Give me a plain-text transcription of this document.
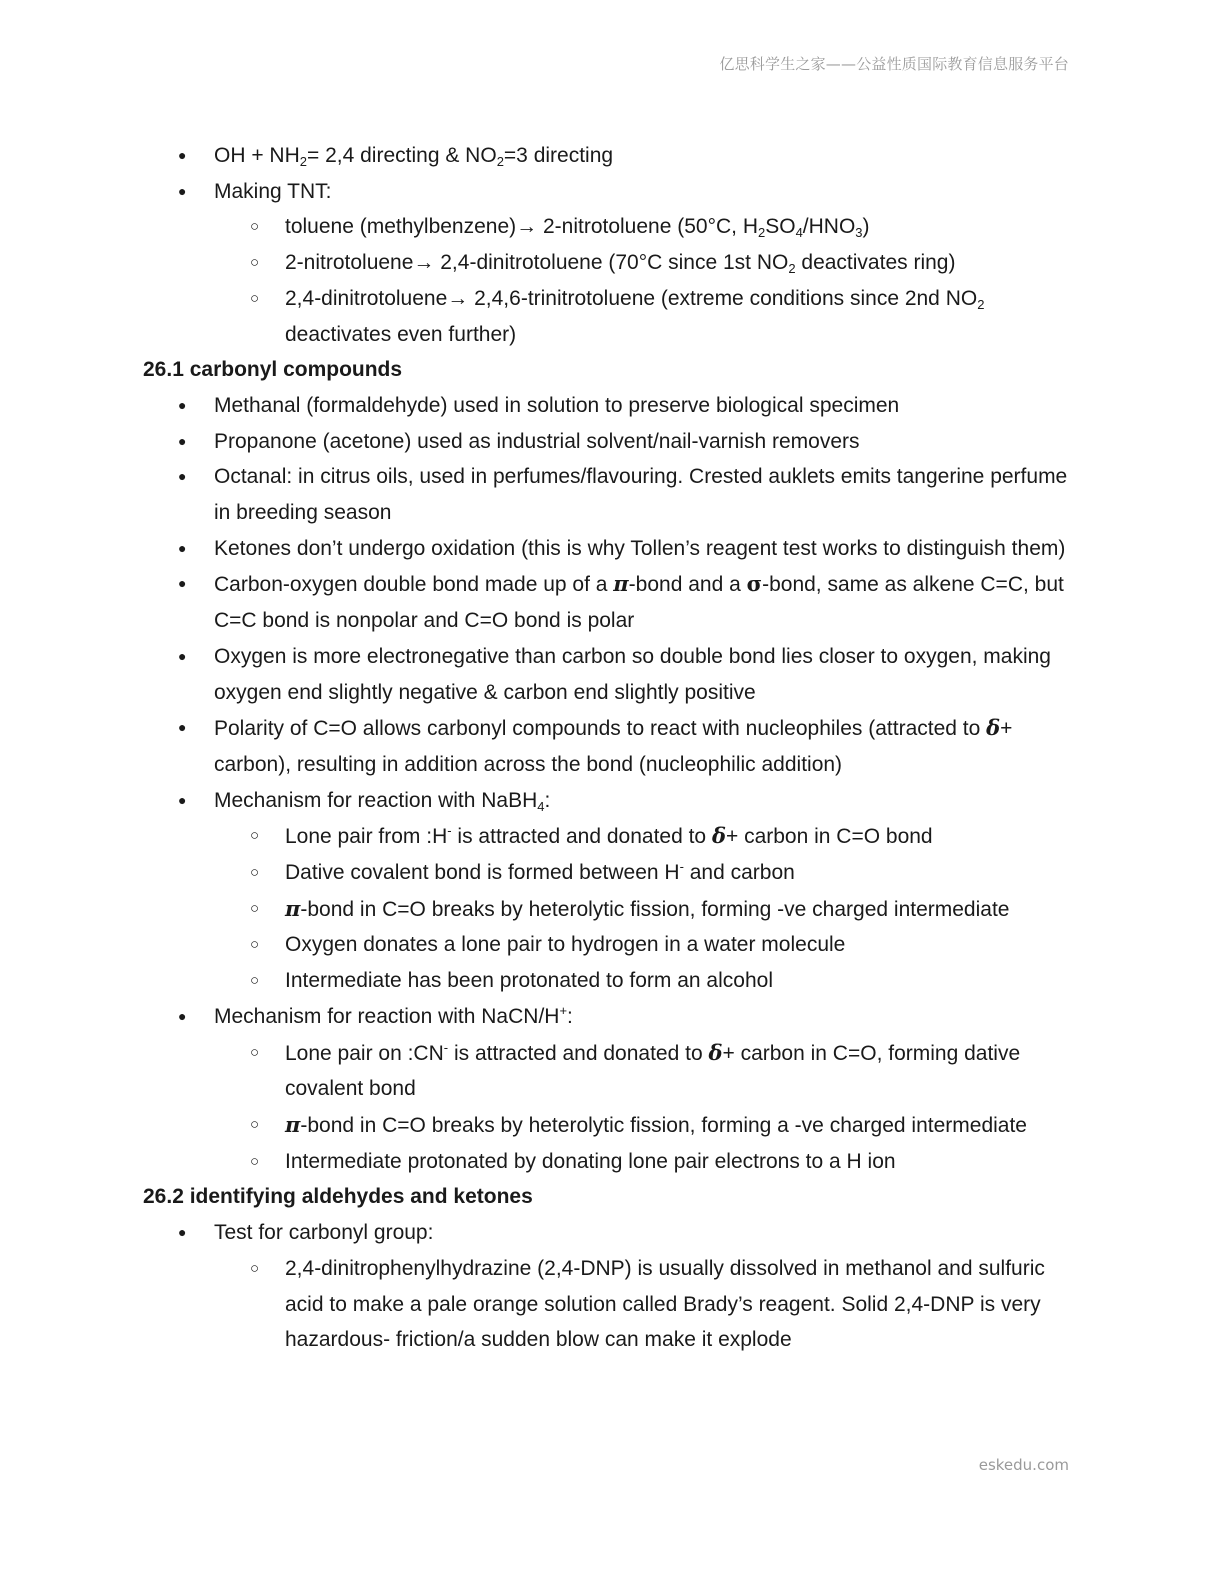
亿思科学生之家——公益性质国际教育信息服务平台
● OH + $NH_2= 2,4$ directing & $NO_2=3$ directing
● Making TNT:
○ toluene (methylbenzene)→ 2-nitrotoluene (50°C, $H_2SO_4/HNO_3$)
○ 2-nitrotoluene→ 2,4-dinitrotoluene (70°C since 1st $NO_2$ deactivates ring)
○ 2,4-dinitrotoluene→ 2,4,6-trinitrotoluene (extreme conditions since 2nd $NO_2$ deactivates even further)

26.1 carbonyl compounds

● Methanal (formaldehyde) used in solution to preserve biological specimen
● Propanone (acetone) used as industrial solvent/nail-varnish removers
● Octanal: in citrus oils, used in perfumes/flavouring. Crested auklets emits tangerine perfume in breeding season
● Ketones don’t undergo oxidation (this is why Tollen’s reagent test works to distinguish them)
● Carbon-oxygen double bond made up of a π-bond and a σ-bond, same as alkene C=C, but C=C bond is nonpolar and C=O bond is polar
● Oxygen is more electronegative than carbon so double bond lies closer to oxygen, making oxygen end slightly negative & carbon end slightly positive
● Polarity of C=O allows carbonyl compounds to react with nucleophiles (attracted to δ+ carbon), resulting in addition across the bond (nucleophilic addition)
● Mechanism for reaction with NaBH$_4$:
○ Lone pair from :H- is attracted and donated to δ+ carbon in C=O bond
○ Dative covalent bond is formed between H- and carbon
○ π-bond in C=O breaks by heterolytic fission, forming -ve charged intermediate
○ Oxygen donates a lone pair to hydrogen in a water molecule
○ Intermediate has been protonated to form an alcohol
● Mechanism for reaction with NaCN/H+:
○ Lone pair on :CN- is attracted and donated to δ+ carbon in C=O, forming dative covalent bond
○ π-bond in C=O breaks by heterolytic fission, forming a -ve charged intermediate
○ Intermediate protonated by donating lone pair electrons to a H ion

26.2 identifying aldehydes and ketones

● Test for carbonyl group:
○ 2,4-dinitrophenylhydrazine (2,4-DNP) is usually dissolved in methanol and sulfuric acid to make a pale orange solution called Brady’s reagent. Solid 2,4-DNP is very hazardous- friction/a sudden blow can make it explode
eskedu.com
